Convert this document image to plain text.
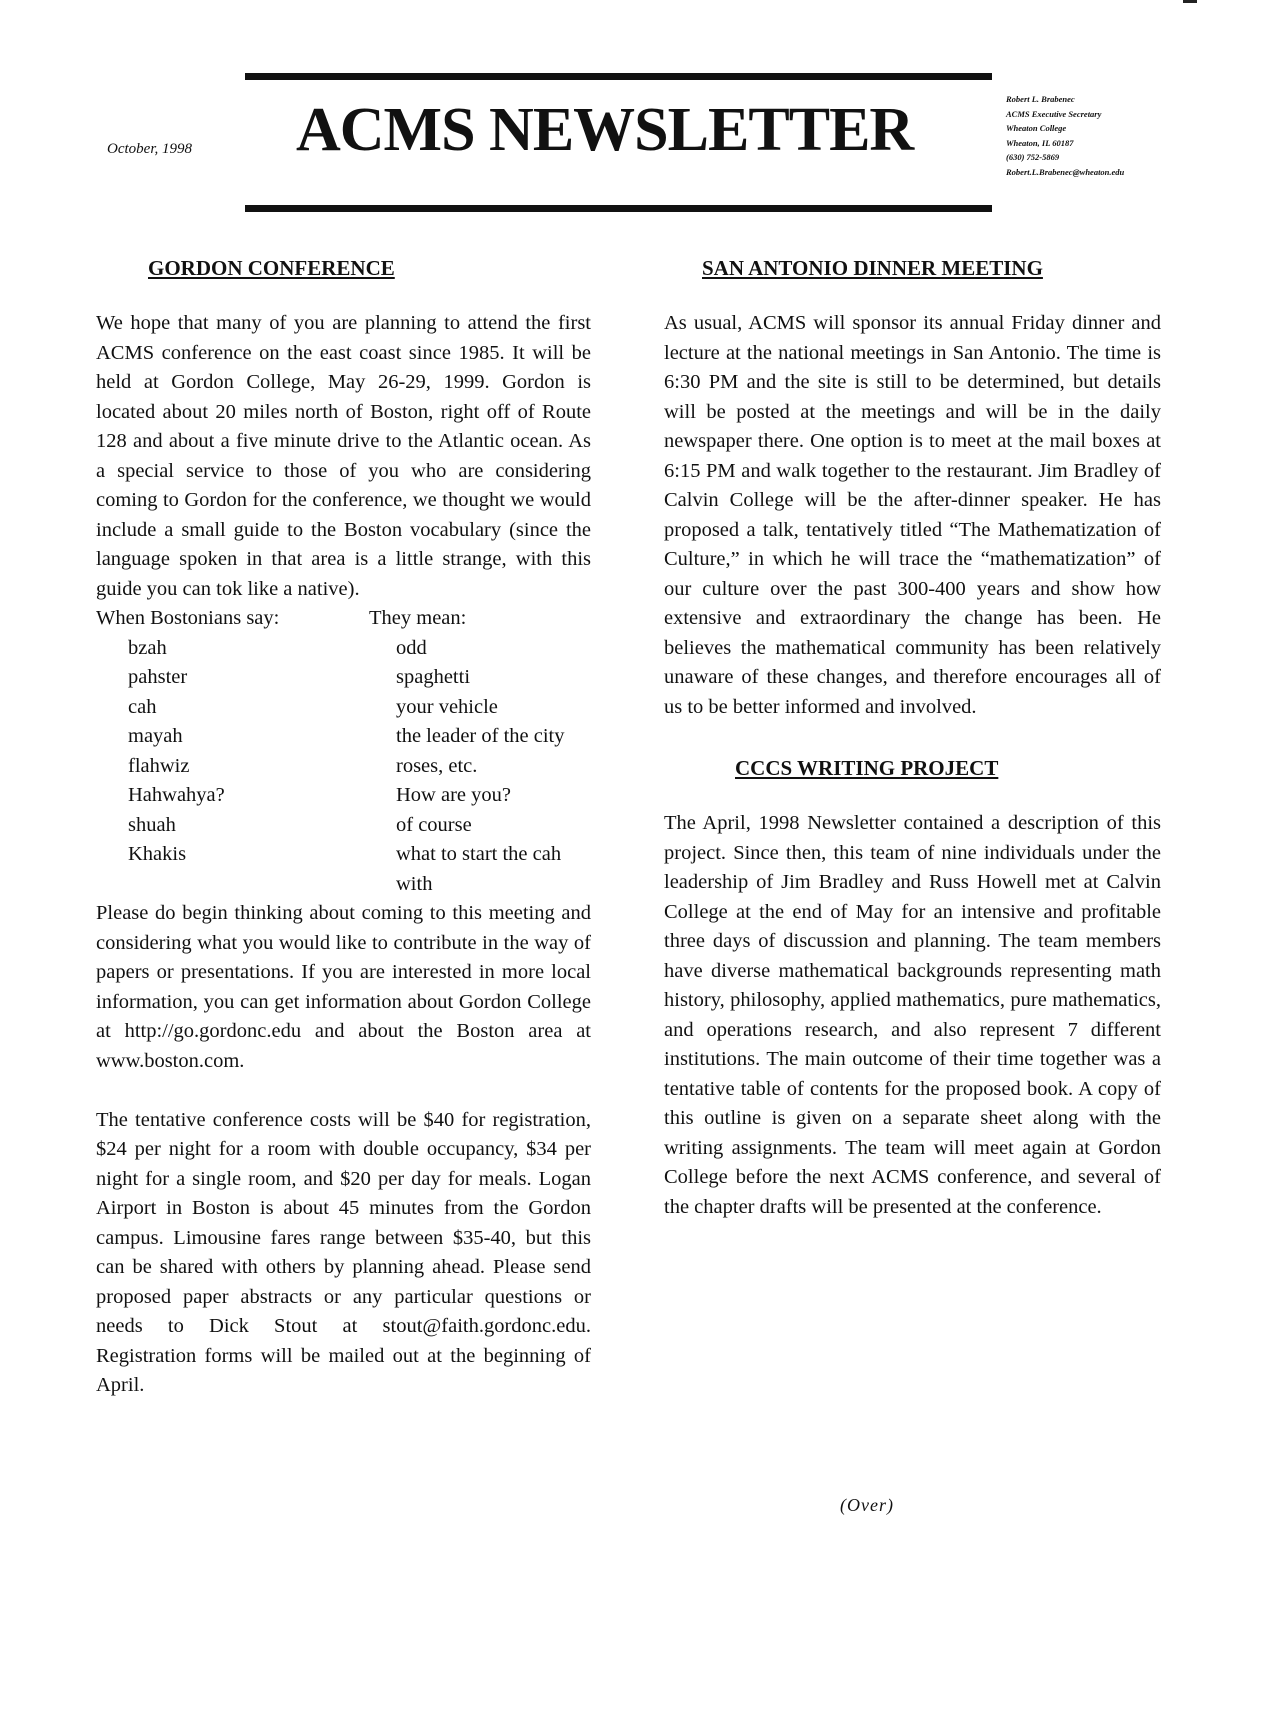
October, 1998 ACMS NEWSLETTER	Robert L. Brabenec
ACMS Executive Secretary
Wheaton College
Wheaton, IL 60187
(630) 752-5869
Robert.L.Brabenec@wheaton.edu
GORDON CONFERENCE

We hope that many of you are planning to attend the first ACMS conference on the east coast since 1985. It will be held at Gordon College, May 26-29, 1999. Gordon is located about 20 miles north of Boston, right off of Route 128 and about a five minute drive to the Atlantic ocean. As a special service to those of you who are considering coming to Gordon for the conference, we thought we would include a small guide to the Boston vocabulary (since the language spoken in that area is a little strange, with this guide you can tok like a native).

When Bostonians say:	They mean:
bzah	odd
pahster	spaghetti
cah	your vehicle
mayah	the leader of the city
flahwiz	roses, etc.
Hahwahya?	How are you?
shuah	of course
Khakis	what to start the cah
with

Please do begin thinking about coming to this meeting and considering what you would like to contribute in the way of papers or presentations. If you are interested in more local information, you can get information about Gordon College at http://go.gordonc.edu and about the Boston area at www.boston.com.

The tentative conference costs will be $40 for registration, $24 per night for a room with double occupancy, $34 per night for a single room, and $20 per day for meals. Logan Airport in Boston is about 45 minutes from the Gordon campus. Limousine fares range between $35-40, but this can be shared with others by planning ahead. Please send proposed paper abstracts or any particular questions or needs to Dick Stout at stout@faith.gordonc.edu. Registration forms will be mailed out at the beginning of April.

SAN ANTONIO DINNER MEETING

As usual, ACMS will sponsor its annual Friday dinner and lecture at the national meetings in San Antonio. The time is 6:30 PM and the site is still to be determined, but details will be posted at the meetings and will be in the daily newspaper there. One option is to meet at the mail boxes at 6:15 PM and walk together to the restaurant. Jim Bradley of Calvin College will be the after-dinner speaker. He has proposed a talk, tentatively titled “The Mathematization of Culture,” in which he will trace the “mathematization” of our culture over the past 300-400 years and show how extensive and extraordinary the change has been. He believes the mathematical community has been relatively unaware of these changes, and therefore encourages all of us to be better informed and involved.

CCCS WRITING PROJECT

The April, 1998 Newsletter contained a description of this project. Since then, this team of nine individuals under the leadership of Jim Bradley and Russ Howell met at Calvin College at the end of May for an intensive and profitable three days of discussion and planning. The team members have diverse mathematical backgrounds representing math history, philosophy, applied mathematics, pure mathematics, and operations research, and also represent 7 different institutions. The main outcome of their time together was a tentative table of contents for the proposed book. A copy of this outline is given on a separate sheet along with the writing assignments. The team will meet again at Gordon College before the next ACMS conference, and several of the chapter drafts will be presented at the conference.

(Over)
